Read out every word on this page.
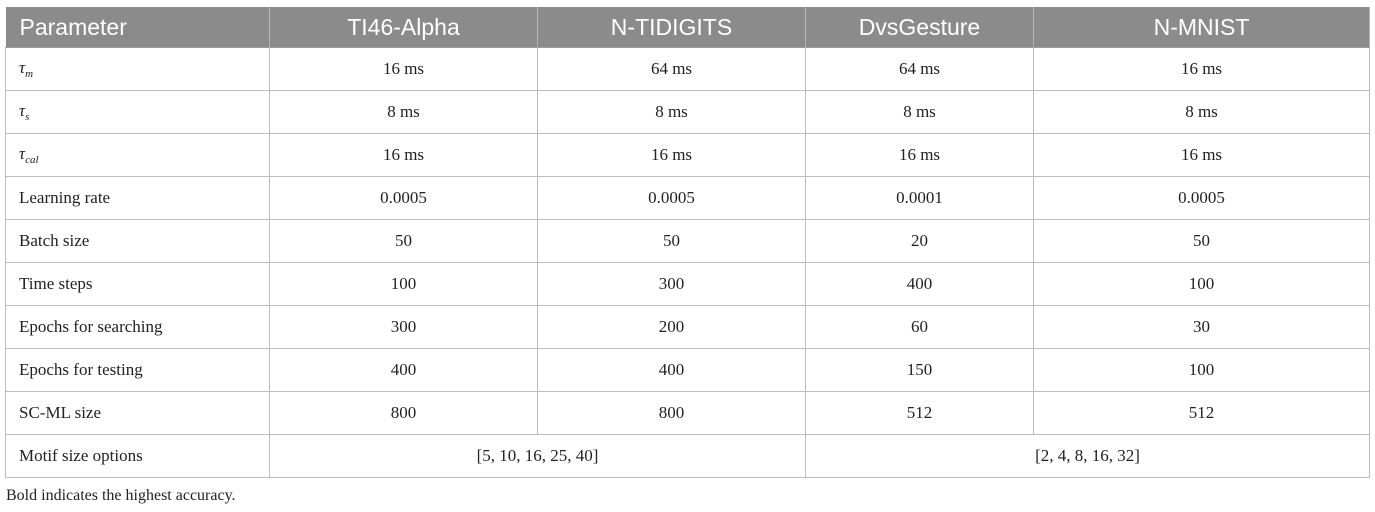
Parameter	TI46-Alpha	N-TIDIGITS	DvsGesture	N-MNIST
$\tau_m$	16 ms	64 ms	64 ms	16 ms
$\tau_s$	8 ms	8 ms	8 ms	8 ms
$\tau_{cal}$	16 ms	16 ms	16 ms	16 ms
Learning rate	0.0005	0.0005	0.0001	0.0005
Batch size	50	50	20	50
Time steps	100	300	400	100
Epochs for searching	300	200	60	30
Epochs for testing	400	400	150	100
SC-ML size	800	800	512	512
Motif size options	[5, 10, 16, 25, 40]		[2, 4, 8, 16, 32]	
Bold indicates the highest accuracy.
